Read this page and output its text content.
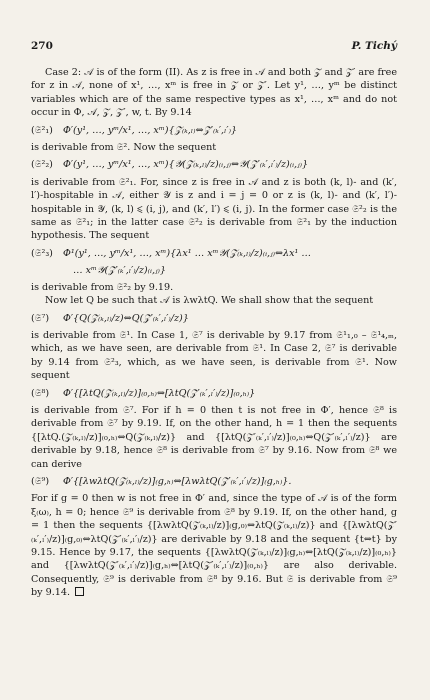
270	P. Tichý

Case 2: 𝒜 is of the form (II). As z is free in 𝒜 and both 𝒵 and 𝒵′ are free for z in 𝒜, none of x¹, …, xᵐ is free in 𝒵 or 𝒵′. Let y¹, …, yᵐ be distinct variables which are of the same respective types as x¹, …, xᵐ and do not occur in Φ, 𝒜, 𝒵, 𝒵′, w, t. By 9.14

(𝔖²₁)	Φ′(y¹, …, yᵐ/x¹, …, xᵐ){𝒵₍ₖ,ₗ₎⇔𝒵′₍ₖ′,ₗ′₎}

is derivable from 𝔖². Now the sequent

(𝔖²₂)	Φ′(y¹, …, yᵐ/x¹, …, xᵐ){𝒴(𝒵₍ₖ,ₗ₎/z)₍ᵢ,ⱼ₎⇔𝒴(𝒵′₍ₖ′,ₗ′₎/z)₍ᵢ,ⱼ₎}

is derivable from 𝔖²₁. For, since z is free in 𝒜 and z is both (k, l)- and (k′, l′)-hospitable in 𝒜, either 𝒴 is z and i = j = 0 or z is (k, l)- and (k′, l′)-hospitable in 𝒴, (k, l) ⩽ (i, j), and (k′, l′) ⩽ (i, j). In the former case 𝔖²₂ is the same as 𝔖²₁; in the latter case 𝔖²₂ is derivable from 𝔖²₁ by the induction hypothesis. The sequent

(𝔖²₃)	Φ¹(y¹, …, yᵐ/x¹, …, xᵐ){λx¹ … xᵐ𝒴(𝒵₍ₖ,ₗ₎/z)₍ᵢ,ⱼ₎⇔λx¹ …
… xᵐ𝒴(𝒵′₍ₖ′,ₗ′₎/z)₍ᵢ,ⱼ₎}

is derivable from 𝔖²₂ by 9.19.

Now let Q be such that 𝒜 is λwλtQ. We shall show that the sequent

(𝔖⁷)	Φ′{Q(𝒵₍ₖ,ₗ₎/z)⇔Q(𝒵′₍ₖ′,ₗ′₎/z)}

is derivable from 𝔖¹. In Case 1, 𝔖⁷ is derivable by 9.17 from 𝔖¹₁,₀ – 𝔖¹₄,ₘ, which, as we have seen, are derivable from 𝔖¹. In Case 2, 𝔖⁷ is derivable by 9.14 from 𝔖²₃, which, as we have seen, is derivable from 𝔖¹. Now sequent

(𝔖⁸)	Φ′{[λtQ(𝒵₍ₖ,ₗ₎/z)]₍₀,ₕ₎⇔[λtQ(𝒵′₍ₖ′,ₗ′₎/z)]₍₀,ₕ₎}

is derivable from 𝔖⁷. For if h = 0 then t is not free in Φ′, hence 𝔖⁸ is derivable from 𝔖⁷ by 9.19. If, on the other hand, h = 1 then the sequents {[λtQ.(𝒵₍ₖ,ₗ₎/z)]₍₀,ₕ₎⇔Q(𝒵₍ₖ,ₗ₎/z)} and {[λtQ(𝒵′₍ₖ′,ₗ′₎/z)]₍₀,ₕ₎⇔Q(𝒵′₍ₖ′,ₗ′₎/z)} are derivable by 9.18, hence 𝔖⁸ is derivable from 𝔖⁷ by 9.16. Now from 𝔖⁸ we can derive

(𝔖⁹)	Φ′{[λwλtQ(𝒵₍ₖ,ₗ₎/z)]₍g,ₕ₎⇔[λwλtQ(𝒵′₍ₖ′,ₗ′₎/z)]₍g,ₕ₎}.

For if g = 0 then w is not free in Φ′ and, since the type of 𝒜 is of the form ξ₍ω₎, h = 0; hence 𝔖⁹ is derivable from 𝔖⁸ by 9.19. If, on the other hand, g = 1 then the sequents {[λwλtQ(𝒵₍ₖ,ₗ₎/z)]₍g,₀₎⇔λtQ(𝒵₍ₖ,ₗ₎/z)} and {[λwλtQ(𝒵′₍ₖ′,ₗ′₎/z)]₍g,₀₎⇔λtQ(𝒵′₍ₖ′,ₗ′₎/z)} are derivable by 9.18 and the sequent {t⇔t} by 9.15. Hence by 9.17, the sequents {[λwλtQ(𝒵₍ₖ,ₗ₎/z)]₍g,ₕ₎⇔[λtQ(𝒵₍ₖ,ₗ₎/z)]₍₀,ₕ₎} and {[λwλtQ(𝒵′₍ₖ′,ₗ′₎/z)]₍g,ₕ₎⇔[λtQ(𝒵′₍ₖ′,ₗ′₎/z)]₍₀,ₕ₎} are also derivable. Consequently, 𝔖⁹ is derivable from 𝔖⁸ by 9.16. But 𝔖 is derivable from 𝔖⁹ by 9.14.
